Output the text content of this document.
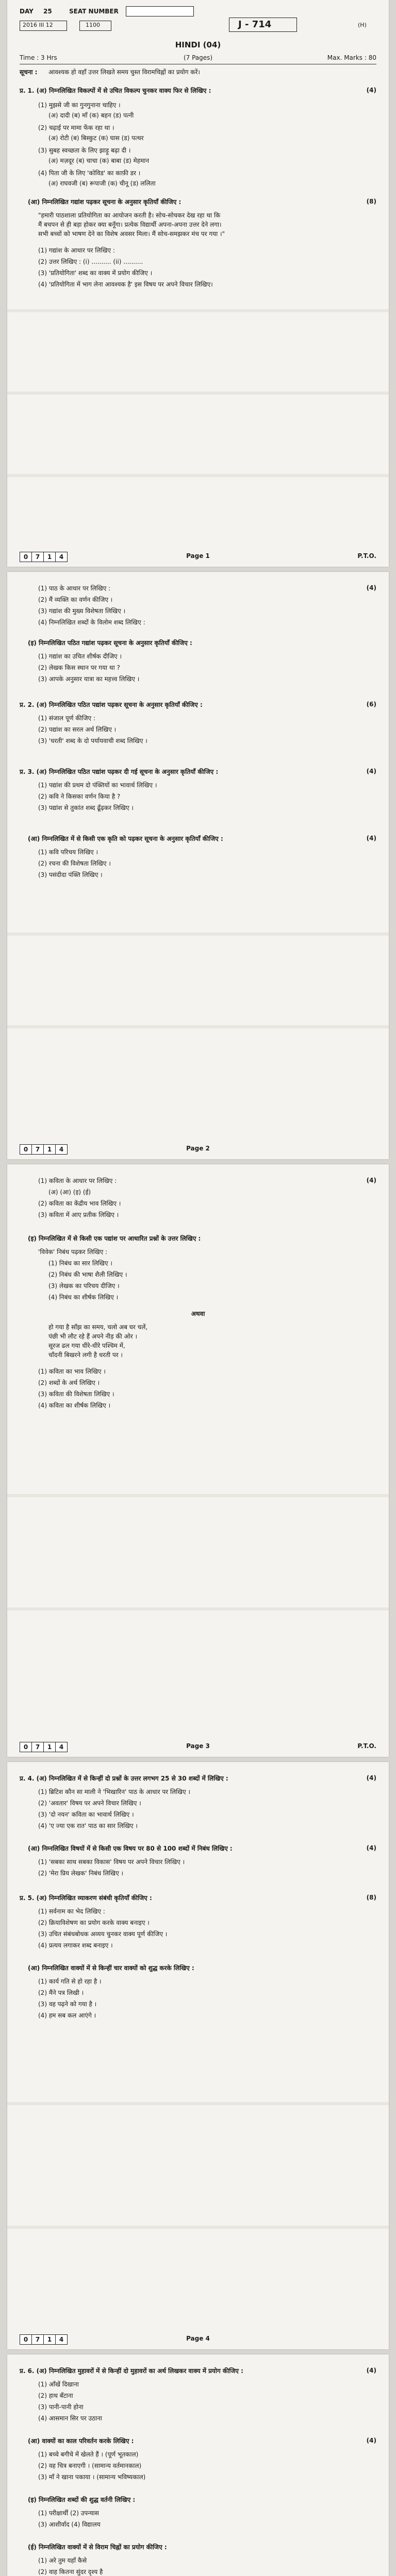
DAY 25	SEAT NUMBER
2016 III 12	1100	J - 714	(H)
HINDI (04)
Time : 3 Hrs	(7 Pages)	Max. Marks : 80
सूचना : आवश्यक हो वहाँ उत्तर लिखते समय चुस्त विरामचिह्नों का प्रयोग करें।
प्र. 1. (अ) निम्नलिखित विकल्पों में से उचित विकल्प चुनकर वाक्य फिर से लिखिए :	(4)
(1) मुझसे जी का गुनगुनाना चाहिए ।
(अ) दादी (ब) माँ (क) बहन (ड) पत्नी
(2) चढ़ाई पर मामा फेंक रहा था ।
(अ) रोटी (ब) बिस्कुट (क) घास (ड) पत्थर
(3) सुबह स्वच्छता के लिए झाड़ू बढ़ा दी ।
(अ) मज़दूर (ब) चाचा (क) बाबा (ड) मेहमान
(4) पिता जी के लिए 'कोविड' का काफ़ी डर ।
(अ) राघवजी (ब) रूपाजी (क) चीनू (ड) ललिता
(आ) निम्नलिखित गद्यांश पढ़कर सूचना के अनुसार कृतियाँ कीजिए :	(8)
"हमारी पाठशाला प्रतियोगिता का आयोजन करती है। सोच-सोचकर देख रहा था कि
मैं बचपन से ही बड़ा होकर क्या बनूँगा। प्रत्येक विद्यार्थी अपना-अपना उत्तर देने लगा।
सभी बच्चों को भाषण देने का विशेष अवसर मिला। मैं सोच-समझकर मंच पर गया ।"
(1) गद्यांश के आधार पर लिखिए :
(2) उत्तर लिखिए : (i) .......... (ii) ..........
(3) 'प्रतियोगिता' शब्द का वाक्य में प्रयोग कीजिए ।
(4) 'प्रतियोगिता में भाग लेना आवश्यक है' इस विषय पर अपने विचार लिखिए।
0 7 1 4	Page 1	P.T.O.
(1) पाठ के आधार पर लिखिए :
(2) मैं व्यक्ति का वर्णन कीजिए ।
(3) गद्यांश की मुख्य विशेषता लिखिए ।
(4) निम्नलिखित शब्दों के विलोम शब्द लिखिए :
(4)
(इ) निम्नलिखित पठित गद्यांश पढ़कर सूचना के अनुसार कृतियाँ कीजिए :
(1) गद्यांश का उचित शीर्षक दीजिए ।
(2) लेखक किस स्थान पर गया था ?
(3) आपके अनुसार यात्रा का महत्त्व लिखिए ।
प्र. 2. (अ) निम्नलिखित पठित पद्यांश पढ़कर सूचना के अनुसार कृतियाँ कीजिए :	(6)
(1) संजाल पूर्ण कीजिए :
(2) पद्यांश का सरल अर्थ लिखिए ।
(3) 'धरती' शब्द के दो पर्यायवाची शब्द लिखिए ।
प्र. 3. (अ) निम्नलिखित पठित पद्यांश पढ़कर दी गई सूचना के अनुसार कृतियाँ कीजिए :	(4)
(1) पद्यांश की प्रथम दो पंक्तियों का भावार्थ लिखिए ।
(2) कवि ने किसका वर्णन किया है ?
(3) पद्यांश से तुकांत शब्द ढूँढ़कर लिखिए ।
(आ) निम्नलिखित में से किसी एक कृति को पढ़कर सूचना के अनुसार कृतियाँ कीजिए :	(4)
(1) कवि परिचय लिखिए ।
(2) रचना की विशेषता लिखिए ।
(3) पसंदीदा पंक्ति लिखिए ।
0 7 1 4	Page 2
(1) कविता के आधार पर लिखिए :
(अ) (आ) (इ) (ई)
(2) कविता का केंद्रीय भाव लिखिए ।
(3) कविता में आए प्रतीक लिखिए ।
(4)
(इ) निम्नलिखित में से किसी एक पद्यांश पर आधारित प्रश्नों के उत्तर लिखिए :
'विवेक' निबंध पढ़कर लिखिए :
(1) निबंध का सार लिखिए ।
(2) निबंध की भाषा शैली लिखिए ।
(3) लेखक का परिचय दीजिए ।
(4) निबंध का शीर्षक लिखिए ।
अथवा
हो गया है साँझ का समय, चलो अब घर चलें,
पंछी भी लौट रहे हैं अपने नीड़ की ओर ।
सूरज ढल गया धीरे-धीरे पश्चिम में,
चाँदनी बिखरने लगी है धरती पर ।
(1) कविता का भाव लिखिए ।
(2) शब्दों के अर्थ लिखिए ।
(3) कविता की विशेषता लिखिए ।
(4) कविता का शीर्षक लिखिए ।
0 7 1 4	Page 3	P.T.O.
प्र. 4. (अ) निम्नलिखित में से किन्हीं दो प्रश्नों के उत्तर लगभग 25 से 30 शब्दों में लिखिए :	(4)
(1) ब्रिटिश कौन सा माली ने 'भिखारिन' पाठ के आधार पर लिखिए ।
(2) 'अवतार' विषय पर अपने विचार लिखिए ।
(3) 'दो नयन' कविता का भावार्थ लिखिए ।
(4) 'ए ज्या एक रात' पाठ का सार लिखिए ।
(आ) निम्नलिखित विषयों में से किसी एक विषय पर 80 से 100 शब्दों में निबंध लिखिए :	(4)
(1) 'सबका साथ सबका विकास' विषय पर अपने विचार लिखिए ।
(2) 'मेरा प्रिय लेखक' निबंध लिखिए ।
प्र. 5. (अ) निम्नलिखित व्याकरण संबंधी कृतियाँ कीजिए :	(8)
(1) सर्वनाम का भेद लिखिए :
(2) क्रियाविशेषण का प्रयोग करके वाक्य बनाइए ।
(3) उचित संबंधबोधक अव्यय चुनकर वाक्य पूर्ण कीजिए ।
(4) प्रत्यय लगाकर शब्द बनाइए ।
(आ) निम्नलिखित वाक्यों में से किन्हीं चार वाक्यों को शुद्ध करके लिखिए :
(1) कार्य गति से हो रहा है ।
(2) मैंने पत्र लिखी ।
(3) वह पढ़ने को गया है ।
(4) हम सब कल आएंगे ।
0 7 1 4	Page 4
प्र. 6. (अ) निम्नलिखित मुहावरों में से किन्हीं दो मुहावरों का अर्थ लिखकर वाक्य में प्रयोग कीजिए :	(4)
(1) आँखें दिखाना
(2) हाथ बँटाना
(3) पानी-पानी होना
(4) आसमान सिर पर उठाना
(आ) वाक्यों का काल परिवर्तन करके लिखिए :	(4)
(1) बच्चे बगीचे में खेलते हैं । (पूर्ण भूतकाल)
(2) वह चित्र बनाएगी । (सामान्य वर्तमानकाल)
(3) माँ ने खाना पकाया । (सामान्य भविष्यकाल)
(इ) निम्नलिखित शब्दों की शुद्ध वर्तनी लिखिए :
(1) परीक्षार्थी (2) उपन्यास
(3) आशीर्वाद (4) विद्यालय
(ई) निम्नलिखित वाक्यों में से विराम चिह्नों का प्रयोग कीजिए :
(1) अरे तुम यहाँ कैसे
(2) वाह कितना सुंदर दृश्य है
